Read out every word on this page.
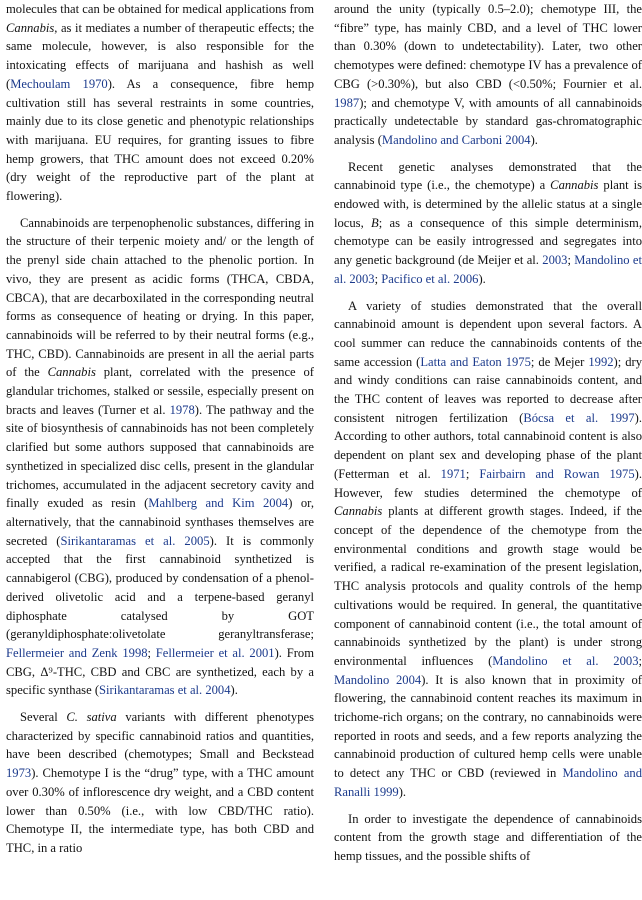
molecules that can be obtained for medical applications from Cannabis, as it mediates a number of therapeutic effects; the same molecule, however, is also responsible for the intoxicating effects of marijuana and hashish as well (Mechoulam 1970). As a consequence, fibre hemp cultivation still has several restraints in some countries, mainly due to its close genetic and phenotypic relationships with marijuana. EU requires, for granting issues to fibre hemp growers, that THC amount does not exceed 0.20% (dry weight of the reproductive part of the plant at flowering).

Cannabinoids are terpenophenolic substances, differing in the structure of their terpenic moiety and/ or the length of the prenyl side chain attached to the phenolic portion. In vivo, they are present as acidic forms (THCA, CBDA, CBCA), that are decarboxilated in the corresponding neutral forms as consequence of heating or drying. In this paper, cannabinoids will be referred to by their neutral forms (e.g., THC, CBD). Cannabinoids are present in all the aerial parts of the Cannabis plant, correlated with the presence of glandular trichomes, stalked or sessile, especially present on bracts and leaves (Turner et al. 1978). The pathway and the site of biosynthesis of cannabinoids has not been completely clarified but some authors supposed that cannabinoids are synthetized in specialized disc cells, present in the glandular trichomes, accumulated in the adjacent secretory cavity and finally exuded as resin (Mahlberg and Kim 2004) or, alternatively, that the cannabinoid synthases themselves are secreted (Sirikantaramas et al. 2005). It is commonly accepted that the first cannabinoid synthetized is cannabigerol (CBG), produced by condensation of a phenol-derived olivetolic acid and a terpene-based geranyl diphosphate catalysed by GOT (geranyldiphosphate:olivetolate geranyltransferase; Fellermeier and Zenk 1998; Fellermeier et al. 2001). From CBG, Δ⁹-THC, CBD and CBC are synthetized, each by a specific synthase (Sirikantaramas et al. 2004).

Several C. sativa variants with different phenotypes characterized by specific cannabinoid ratios and quantities, have been described (chemotypes; Small and Beckstead 1973). Chemotype I is the “drug” type, with a THC amount over 0.30% of inflorescence dry weight, and a CBD content lower than 0.50% (i.e., with low CBD/THC ratio). Chemotype II, the intermediate type, has both CBD and THC, in a ratio

around the unity (typically 0.5–2.0); chemotype III, the “fibre” type, has mainly CBD, and a level of THC lower than 0.30% (down to undetectability). Later, two other chemotypes were defined: chemotype IV has a prevalence of CBG (>0.30%), but also CBD (<0.50%; Fournier et al. 1987); and chemotype V, with amounts of all cannabinoids practically undetectable by standard gas-chromatographic analysis (Mandolino and Carboni 2004).

Recent genetic analyses demonstrated that the cannabinoid type (i.e., the chemotype) a Cannabis plant is endowed with, is determined by the allelic status at a single locus, B; as a consequence of this simple determinism, chemotype can be easily introgressed and segregates into any genetic background (de Meijer et al. 2003; Mandolino et al. 2003; Pacifico et al. 2006).

A variety of studies demonstrated that the overall cannabinoid amount is dependent upon several factors. A cool summer can reduce the cannabinoids contents of the same accession (Latta and Eaton 1975; de Mejer 1992); dry and windy conditions can raise cannabinoids content, and the THC content of leaves was reported to decrease after consistent nitrogen fertilization (Bócsa et al. 1997). According to other authors, total cannabinoid content is also dependent on plant sex and developing phase of the plant (Fetterman et al. 1971; Fairbairn and Rowan 1975). However, few studies determined the chemotype of Cannabis plants at different growth stages. Indeed, if the concept of the dependence of the chemotype from the environmental conditions and growth stage would be verified, a radical re-examination of the present legislation, THC analysis protocols and quality controls of the hemp cultivations would be required. In general, the quantitative component of cannabinoid content (i.e., the total amount of cannabinoids synthetized by the plant) is under strong environmental influences (Mandolino et al. 2003; Mandolino 2004). It is also known that in proximity of flowering, the cannabinoid content reaches its maximum in trichome-rich organs; on the contrary, no cannabinoids were reported in roots and seeds, and a few reports analyzing the cannabinoid production of cultured hemp cells were unable to detect any THC or CBD (reviewed in Mandolino and Ranalli 1999).

In order to investigate the dependence of cannabinoids content from the growth stage and differentiation of the hemp tissues, and the possible shifts of
